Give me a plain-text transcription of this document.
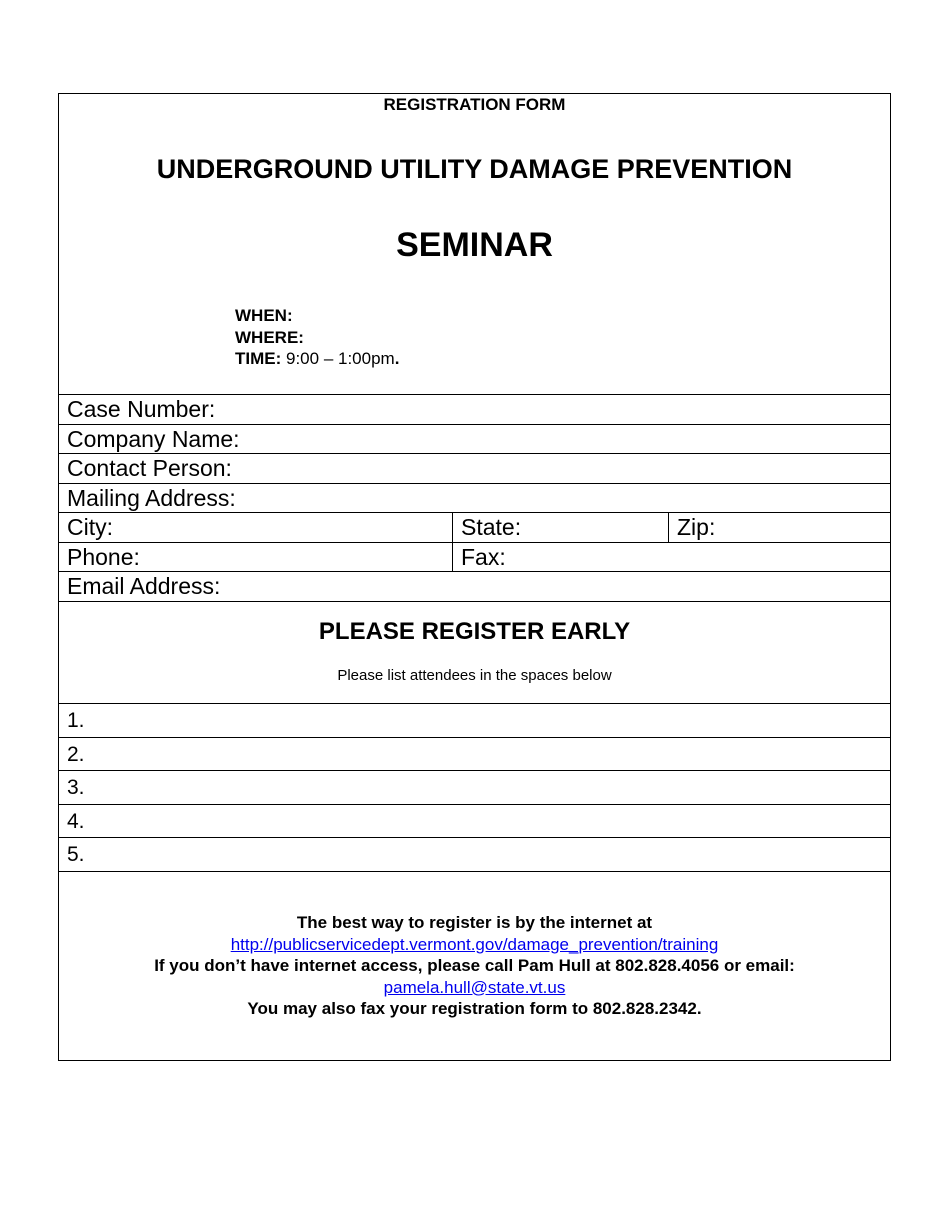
REGISTRATION FORM
UNDERGROUND UTILITY DAMAGE PREVENTION
SEMINAR
WHEN:
WHERE:
TIME: 9:00 – 1:00pm.
Case Number:
Company Name:
Contact Person:
Mailing Address:
City:	State:	Zip:
Phone:	Fax:
Email Address:
PLEASE REGISTER EARLY
Please list attendees in the spaces below
1.
2.
3.
4.
5.
The best way to register is by the internet at
http://publicservicedept.vermont.gov/damage_prevention/training
If you don’t have internet access, please call Pam Hull at 802.828.4056 or email:
pamela.hull@state.vt.us
You may also fax your registration form to 802.828.2342.
